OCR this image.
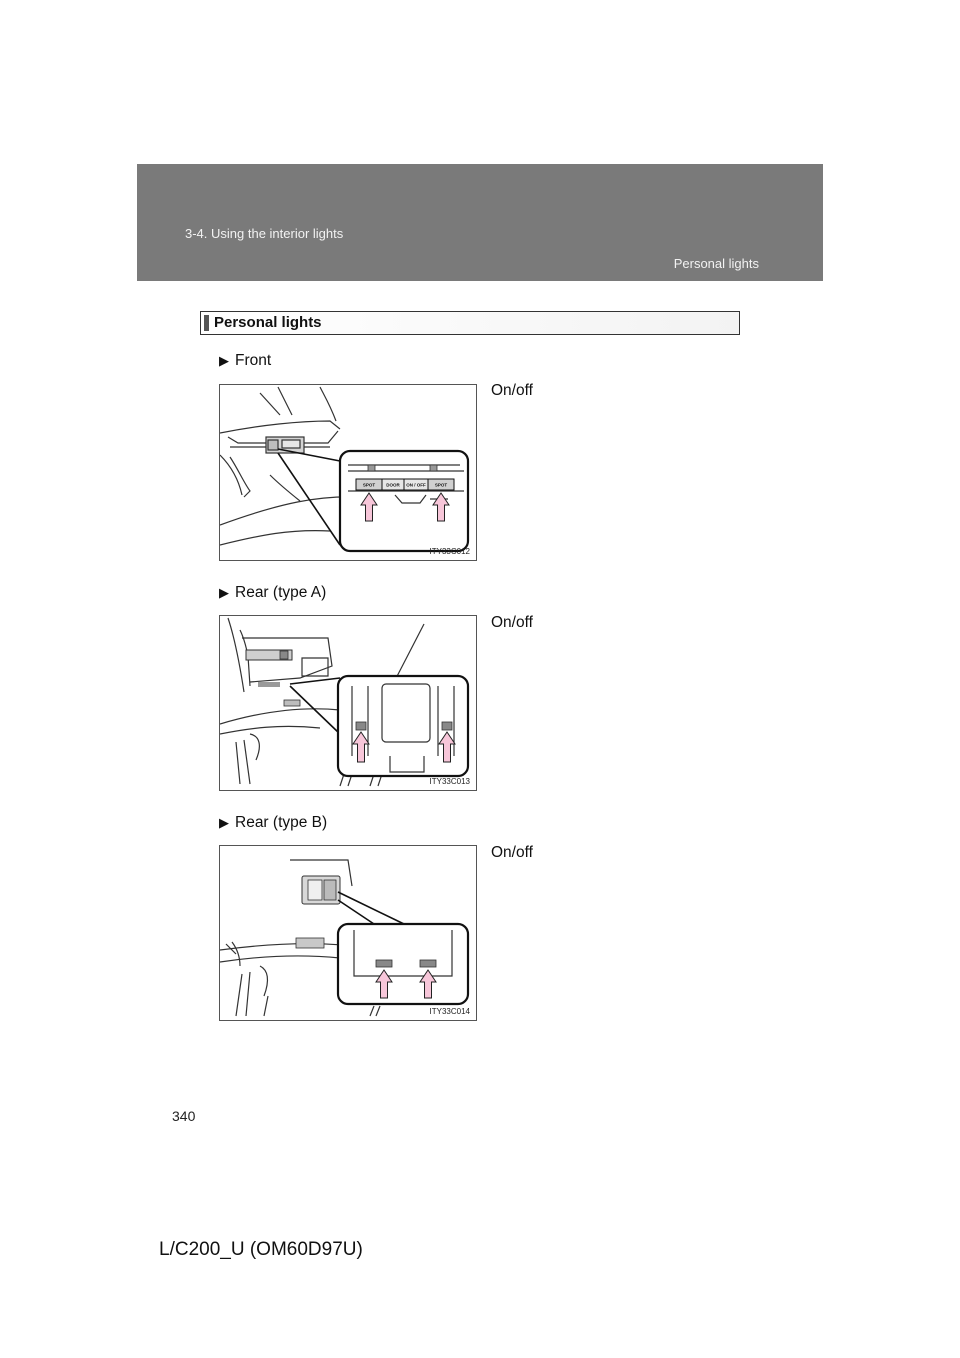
3-4. Using the interior lights
Personal lights
Personal lights
▶ Front
SPOT DOOR ON / OFF SPOT
ITY33C012
On/off
▶ Rear (type A)
ITY33C013
On/off
▶ Rear (type B)
ITY33C014
On/off
340
L/C200_U (OM60D97U)
